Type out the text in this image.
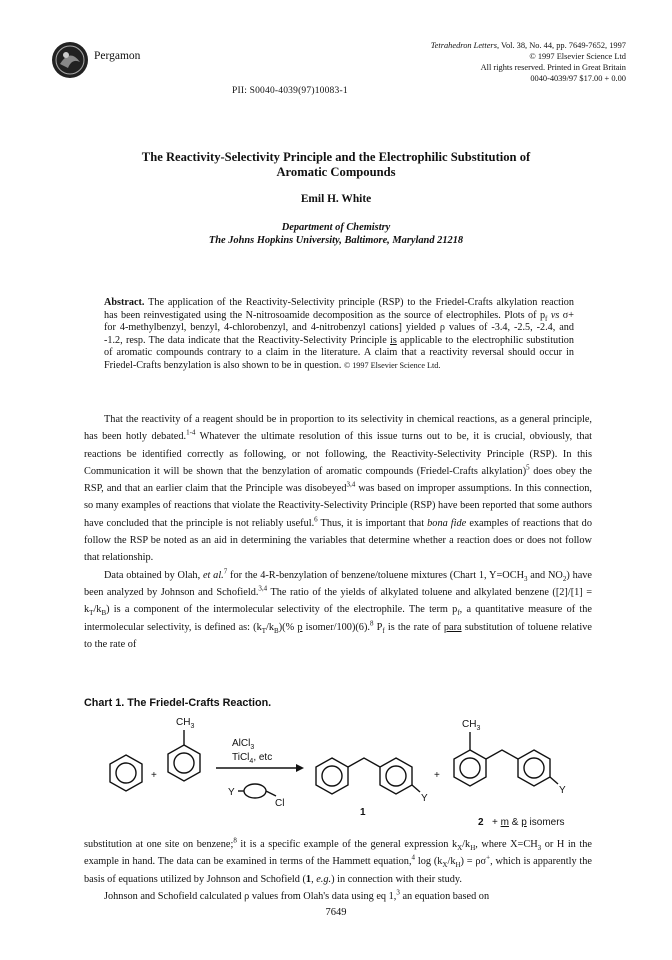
Pergamon
Tetrahedron Letters, Vol. 38, No. 44, pp. 7649-7652, 1997
© 1997 Elsevier Science Ltd
All rights reserved. Printed in Great Britain
0040-4039/97 $17.00 + 0.00
PII: S0040-4039(97)10083-1
The Reactivity-Selectivity Principle and the Electrophilic Substitution of
Aromatic Compounds
Emil H. White
Department of Chemistry
The Johns Hopkins University, Baltimore, Maryland 21218
Abstract. The application of the Reactivity-Selectivity principle (RSP) to the Friedel-Crafts alkylation reaction has been reinvestigated using the N-nitrosoamide decomposition as the source of electrophiles. Plots of $p_f$ vs σ+ for 4-methylbenzyl, benzyl, 4-chlorobenzyl, and 4-nitrobenzyl cations] yielded ρ values of -3.4, -2.5, -2.4, and -1.2, resp. The data indicate that the Reactivity-Selectivity Principle is applicable to the electrophilic substitution of aromatic compounds contrary to a claim in the literature. A claim that a reactivity reversal should occur in Friedel-Crafts benzylation is also shown to be in question. © 1997 Elsevier Science Ltd.

That the reactivity of a reagent should be in proportion to its selectivity in chemical reactions, as a general principle, has been hotly debated.$^{1-4}$ Whatever the ultimate resolution of this issue turns out to be, it is crucial, obviously, that reactions be identified correctly as following, or not following, the Reactivity-Selectivity Principle (RSP). In this Communication it will be shown that the benzylation of aromatic compounds (Friedel-Crafts alkylation)$^5$ does obey the RSP, and that an earlier claim that the Principle was disobeyed$^{3,4}$ was based on improper assumptions. In this connection, so many examples of reactions that violate the Reactivity-Selectivity Principle (RSP) have been reported that some authors have concluded that the principle is not reliably useful.$^6$ Thus, it is important that bona fide examples of reactions that do follow the RSP be noted as an aid in determining the variables that determine whether a reaction does or does not follow that relationship.

Data obtained by Olah, et al.$^7$ for the 4-R-benzylation of benzene/toluene mixtures (Chart 1, $Y=OCH_3$ and $NO_2$) have been analyzed by Johnson and Schofield.$^{3,4}$ The ratio of the yields of alkylated toluene and alkylated benzene $([2]/[1] = k_T/k_B)$ is a component of the intermolecular selectivity of the electrophile. The term $p_f$, a quantitative measure of the intermolecular selectivity, is defined as: $(k_T/k_B)(\%$ p isomer/100)(6).$^8$ $P_f$ is the rate of para substitution of toluene relative to the rate of

Chart 1. The Friedel-Crafts Reaction.
$CH_3$
+
AlCl$_3$
TiCl$_4$, etc
Y
Cl	Y
1
+
$CH_3$
Y
2 + m & p isomers

substitution at one site on benzene;$^8$ it is a specific example of the general expression $k_X/k_H$, where $X=CH_3$ or H in the example in hand. The data can be examined in terms of the Hammett equation,$^4$ $\log (k_X/k_H) = \rho\sigma^+$, which is apparently the basis of equations utilized by Johnson and Schofield (1, e.g.) in connection with their study.

Johnson and Schofield calculated ρ values from Olah's data using eq 1,$^3$ an equation based on

7649
